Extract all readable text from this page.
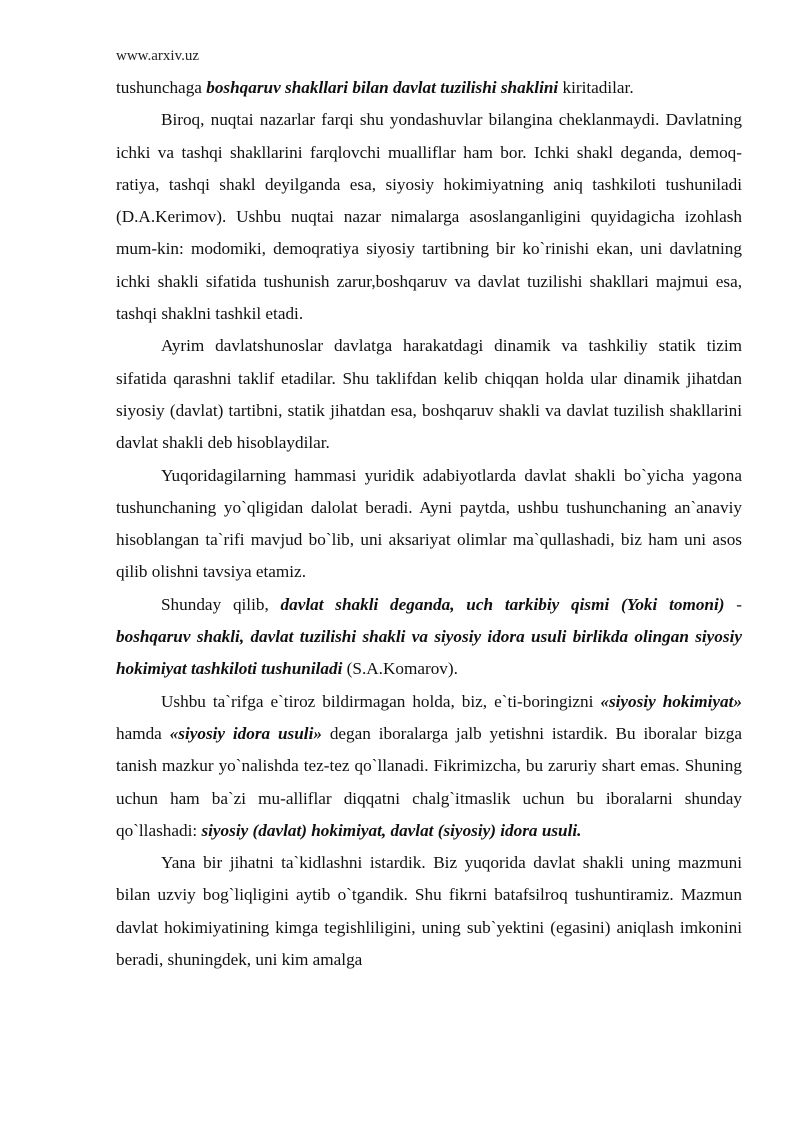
www.arxiv.uz

tushunchaga boshqaruv shakllari bilan davlat tuzilishi shaklini kiritadilar.

Biroq, nuqtai nazarlar farqi shu yondashuvlar bilangina cheklanmaydi. Davlatning ichki va tashqi shakllarini farqlovchi mualliflar ham bor. Ichki shakl deganda, demoq-ratiya, tashqi shakl deyilganda esa, siyosiy hokimiyatning aniq tashkiloti tushuniladi (D.A.Kerimov). Ushbu nuqtai nazar nimalarga asoslanganligini quyidagicha izohlash mum-kin: modomiki, demoqratiya siyosiy tartibning bir ko`rinishi ekan, uni davlatning ichki shakli sifatida tushunish zarur,boshqaruv va davlat tuzilishi shakllari majmui esa, tashqi shaklni tashkil etadi.

Ayrim davlatshunoslar davlatga harakatdagi dinamik va tashkiliy statik tizim sifatida qarashni taklif etadilar. Shu taklifdan kelib chiqqan holda ular dinamik jihatdan siyosiy (davlat) tartibni, statik jihatdan esa, boshqaruv shakli va davlat tuzilish shakllarini davlat shakli deb hisoblaydilar.

Yuqoridagilarning hammasi yuridik adabiyotlarda davlat shakli bo`yicha yagona tushunchaning yo`qligidan dalolat beradi. Ayni paytda, ushbu tushunchaning an`anaviy hisoblangan ta`rifi mavjud bo`lib, uni aksariyat olimlar ma`qullashadi, biz ham uni asos qilib olishni tavsiya etamiz.

Shunday qilib, davlat shakli deganda, uch tarkibiy qismi (Yoki tomoni) - boshqaruv shakli, davlat tuzilishi shakli va siyosiy idora usuli birlikda olingan siyosiy hokimiyat tashkiloti tushuniladi (S.A.Komarov).

Ushbu ta`rifga e`tiroz bildirmagan holda, biz, e`ti-boringizni «siyosiy hokimiyat» hamda «siyosiy idora usuli» degan iboralarga jalb yetishni istardik. Bu iboralar bizga tanish mazkur yo`nalishda tez-tez qo`llanadi. Fikrimizcha, bu zaruriy shart emas. Shuning uchun ham ba`zi mu-alliflar diqqatni chalg`itmaslik uchun bu iboralarni shunday qo`llashadi: siyosiy (davlat) hokimiyat, davlat (siyosiy) idora usuli.

Yana bir jihatni ta`kidlashni istardik. Biz yuqorida davlat shakli uning mazmuni bilan uzviy bog`liqligini aytib o`tgandik. Shu fikrni batafsilroq tushuntiramiz. Mazmun davlat hokimiyatining kimga tegishliligini, uning sub`yektini (egasini) aniqlash imkonini beradi, shuningdek, uni kim amalga
